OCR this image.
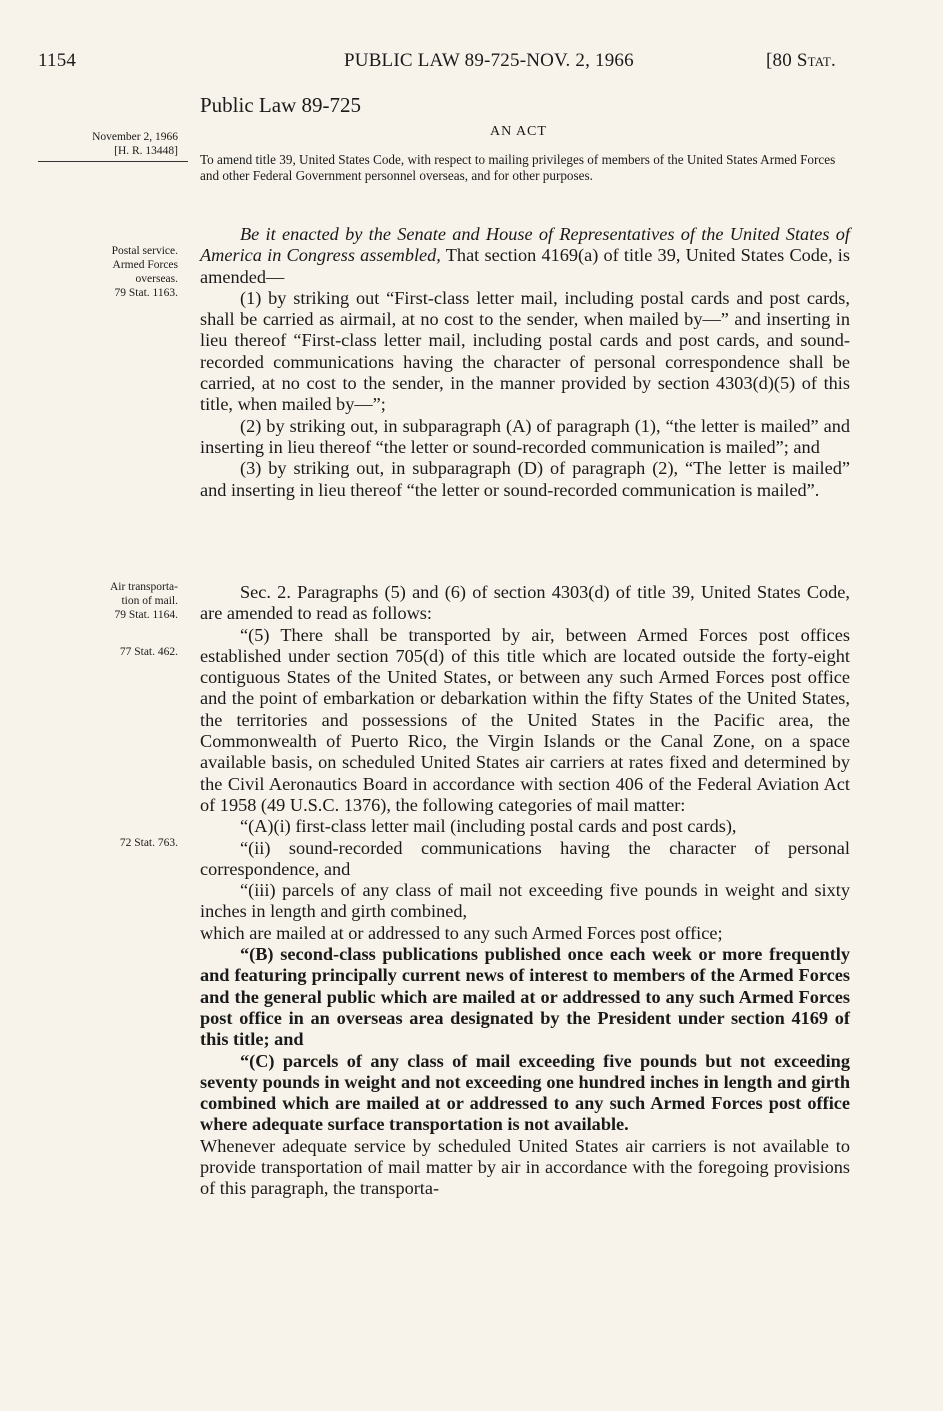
1154	PUBLIC LAW 89-725-NOV. 2, 1966	[80 Stat.
Public Law 89-725
AN ACT
November 2, 1966
[H. R. 13448]
To amend title 39, United States Code, with respect to mailing privileges of members of the United States Armed Forces and other Federal Government personnel overseas, and for other purposes.
Postal service.
Armed Forces
overseas.
79 Stat. 1163.
Air transporta-
tion of mail.
79 Stat. 1164.
77 Stat. 462.
72 Stat. 763.

Be it enacted by the Senate and House of Representatives of the United States of America in Congress assembled, That section 4169(a) of title 39, United States Code, is amended—

(1) by striking out “First-class letter mail, including postal cards and post cards, shall be carried as airmail, at no cost to the sender, when mailed by—” and inserting in lieu thereof “First-class letter mail, including postal cards and post cards, and sound-recorded communications having the character of personal correspondence shall be carried, at no cost to the sender, in the manner provided by section 4303(d)(5) of this title, when mailed by—”;

(2) by striking out, in subparagraph (A) of paragraph (1), “the letter is mailed” and inserting in lieu thereof “the letter or sound-recorded communication is mailed”; and

(3) by striking out, in subparagraph (D) of paragraph (2), “The letter is mailed” and inserting in lieu thereof “the letter or sound-recorded communication is mailed”.

Sec. 2. Paragraphs (5) and (6) of section 4303(d) of title 39, United States Code, are amended to read as follows:

“(5) There shall be transported by air, between Armed Forces post offices established under section 705(d) of this title which are located outside the forty-eight contiguous States of the United States, or between any such Armed Forces post office and the point of embarkation or debarkation within the fifty States of the United States, the territories and possessions of the United States in the Pacific area, the Commonwealth of Puerto Rico, the Virgin Islands or the Canal Zone, on a space available basis, on scheduled United States air carriers at rates fixed and determined by the Civil Aeronautics Board in accordance with section 406 of the Federal Aviation Act of 1958 (49 U.S.C. 1376), the following categories of mail matter:

“(A)(i) first-class letter mail (including postal cards and post cards),

“(ii) sound-recorded communications having the character of personal correspondence, and

“(iii) parcels of any class of mail not exceeding five pounds in weight and sixty inches in length and girth combined,

which are mailed at or addressed to any such Armed Forces post office;

“(B) second-class publications published once each week or more frequently and featuring principally current news of interest to members of the Armed Forces and the general public which are mailed at or addressed to any such Armed Forces post office in an overseas area designated by the President under section 4169 of this title; and

“(C) parcels of any class of mail exceeding five pounds but not exceeding seventy pounds in weight and not exceeding one hundred inches in length and girth combined which are mailed at or addressed to any such Armed Forces post office where adequate surface transportation is not available.

Whenever adequate service by scheduled United States air carriers is not available to provide transportation of mail matter by air in accordance with the foregoing provisions of this paragraph, the transporta-
